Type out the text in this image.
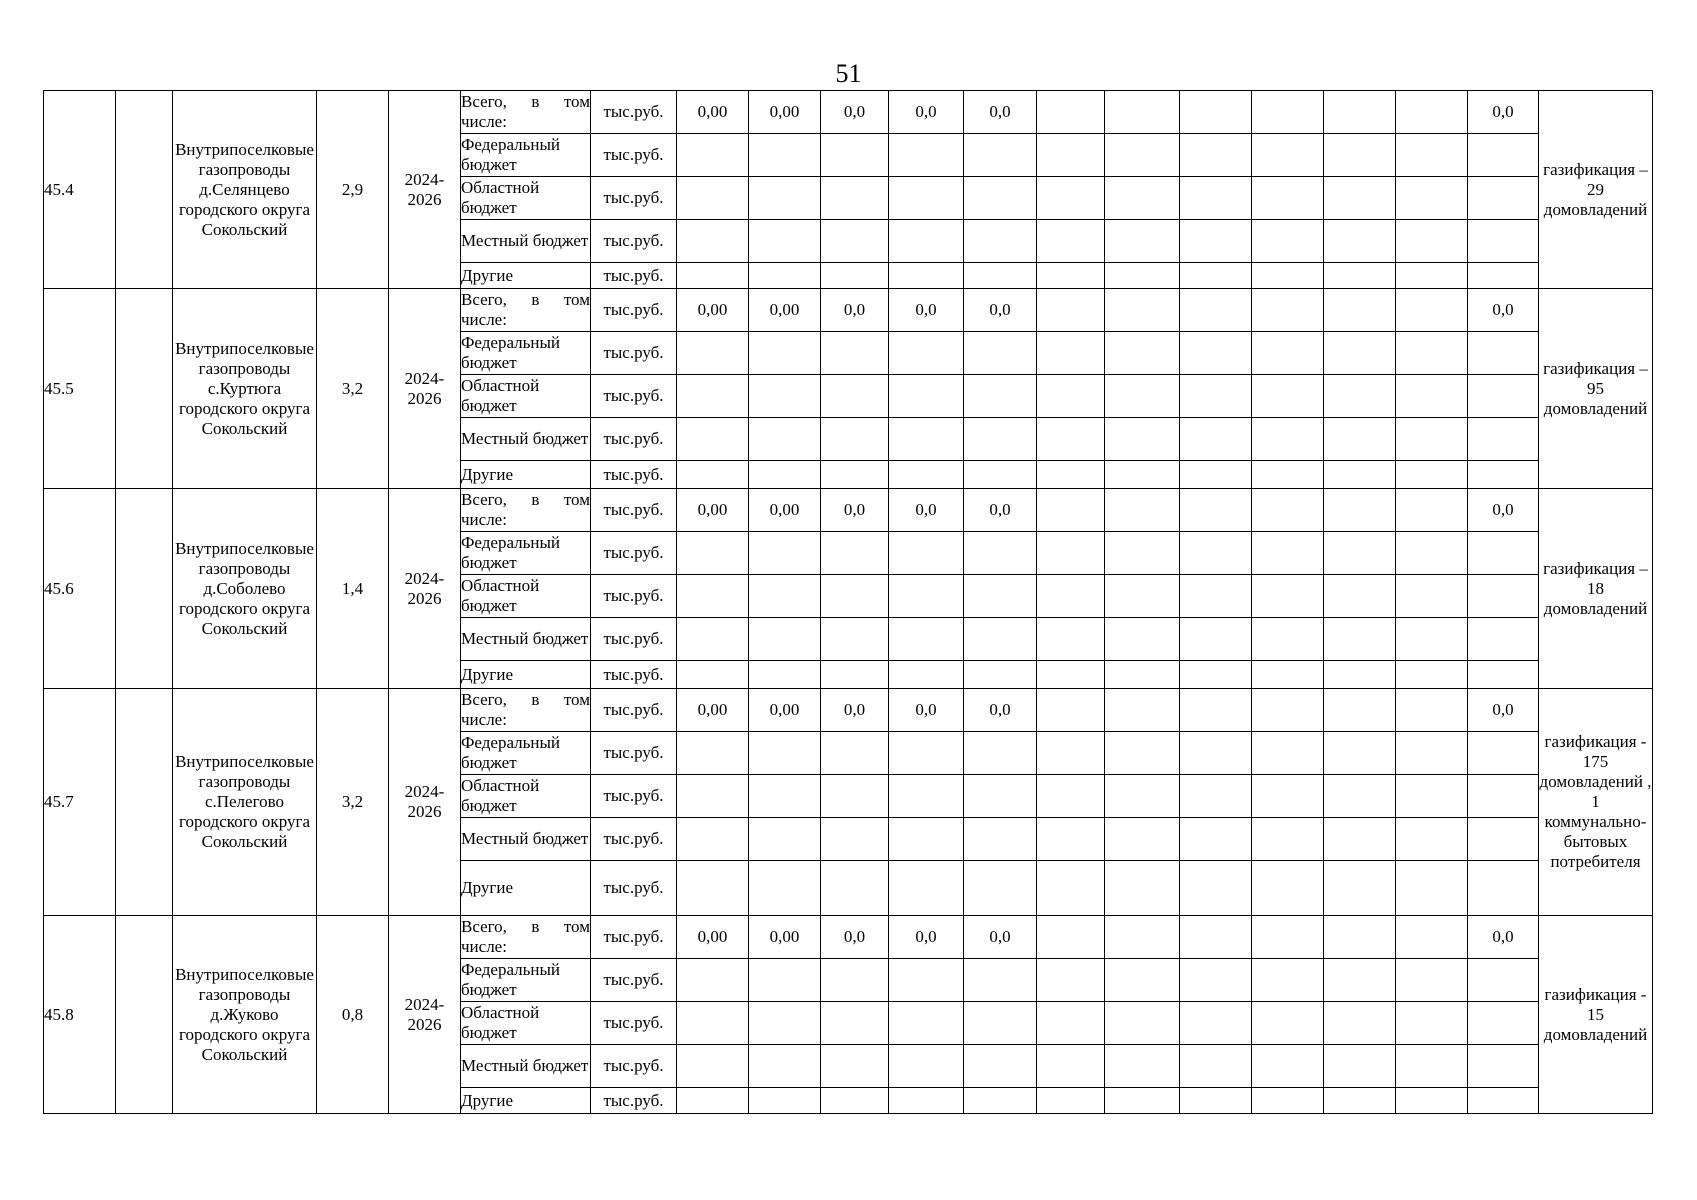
51
45.4		Внутрипоселковые газопроводы д.Селянцево городского округа Сокольский	2,9	2024-2026	Всего, в том числе:	тыс.руб.	0,00	0,00	0,0	0,0	0,0							0,0	газификация – 29 домовладений
					Федеральный бюджет	тыс.руб.													
					Областной бюджет	тыс.руб.													
					Местный бюджет	тыс.руб.													
					Другие	тыс.руб.													
45.5		Внутрипоселковые газопроводы с.Куртюга городского округа Сокольский	3,2	2024-2026	Всего, в том числе:	тыс.руб.	0,00	0,00	0,0	0,0	0,0							0,0	газификация – 95 домовладений
					Федеральный бюджет	тыс.руб.													
					Областной бюджет	тыс.руб.													
					Местный бюджет	тыс.руб.													
					Другие	тыс.руб.													
45.6		Внутрипоселковые газопроводы д.Соболево городского округа Сокольский	1,4	2024-2026	Всего, в том числе:	тыс.руб.	0,00	0,00	0,0	0,0	0,0							0,0	газификация – 18 домовладений
					Федеральный бюджет	тыс.руб.													
					Областной бюджет	тыс.руб.													
					Местный бюджет	тыс.руб.													
					Другие	тыс.руб.													
45.7		Внутрипоселковые газопроводы с.Пелегово городского округа Сокольский	3,2	2024-2026	Всего, в том числе:	тыс.руб.	0,00	0,00	0,0	0,0	0,0							0,0	газификация - 175 домовладений , 1 коммунально-бытовых потребителя
					Федеральный бюджет	тыс.руб.													
					Областной бюджет	тыс.руб.													
					Местный бюджет	тыс.руб.													
					Другие	тыс.руб.													
45.8		Внутрипоселковые газопроводы д.Жуково городского округа Сокольский	0,8	2024-2026	Всего, в том числе:	тыс.руб.	0,00	0,00	0,0	0,0	0,0							0,0	газификация - 15 домовладений
					Федеральный бюджет	тыс.руб.													
					Областной бюджет	тыс.руб.													
					Местный бюджет	тыс.руб.													
					Другие	тыс.руб.													
